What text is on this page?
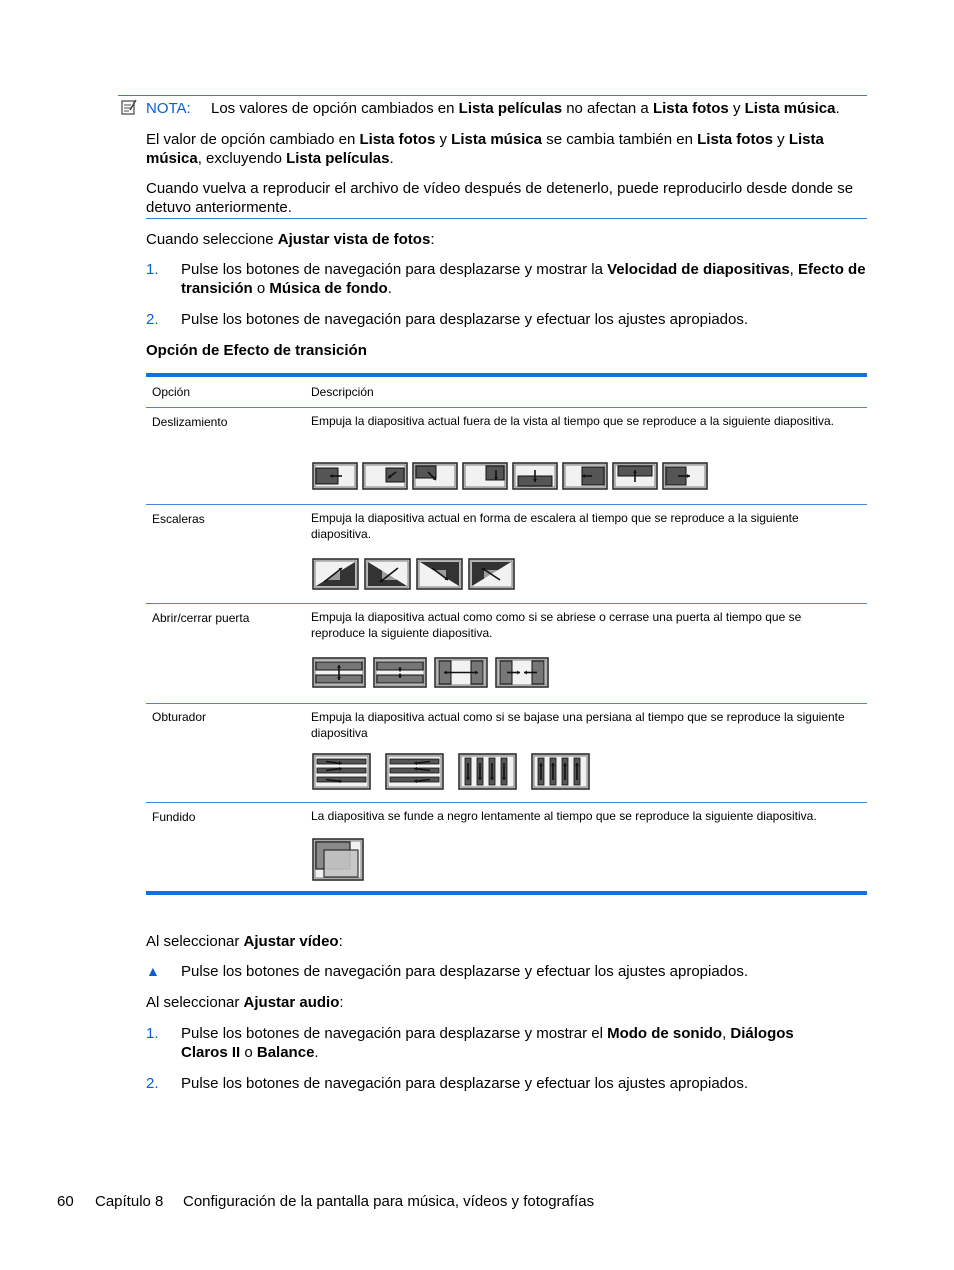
NOTA: Los valores de opción cambiados en Lista películas no afectan a Lista fotos y Lista música.
El valor de opción cambiado en Lista fotos y Lista música se cambia también en Lista fotos y Lista música, excluyendo Lista películas.
Cuando vuelva a reproducir el archivo de vídeo después de detenerlo, puede reproducirlo desde donde se detuvo anteriormente.
Cuando seleccione Ajustar vista de fotos:
1.	Pulse los botones de navegación para desplazarse y mostrar la Velocidad de diapositivas, Efecto de transición o Música de fondo.
2.	Pulse los botones de navegación para desplazarse y efectuar los ajustes apropiados.
Opción de Efecto de transición
Opción	Descripción
Deslizamiento	Empuja la diapositiva actual fuera de la vista al tiempo que se reproduce a la siguiente diapositiva.
Escaleras	Empuja la diapositiva actual en forma de escalera al tiempo que se reproduce a la siguiente diapositiva.
Abrir/cerrar puerta	Empuja la diapositiva actual como como si se abriese o cerrase una puerta al tiempo que se reproduce la siguiente diapositiva.
Obturador	Empuja la diapositiva actual como si se bajase una persiana al tiempo que se reproduce la siguiente diapositiva
Fundido	La diapositiva se funde a negro lentamente al tiempo que se reproduce la siguiente diapositiva.
Al seleccionar Ajustar vídeo:
▲	Pulse los botones de navegación para desplazarse y efectuar los ajustes apropiados.
Al seleccionar Ajustar audio:
1.	Pulse los botones de navegación para desplazarse y mostrar el Modo de sonido, Diálogos Claros II o Balance.
2.	Pulse los botones de navegación para desplazarse y efectuar los ajustes apropiados.
60 Capítulo 8 Configuración de la pantalla para música, vídeos y fotografías
